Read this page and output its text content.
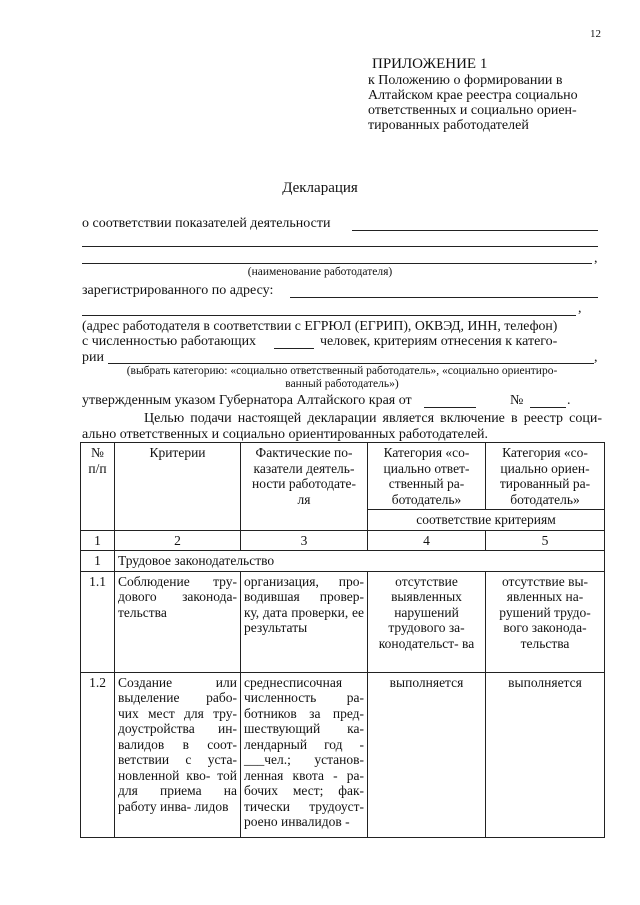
12
ПРИЛОЖЕНИЕ 1
к Положению о формировании в
Алтайском крае реестра социально
ответственных и социально ориен-
тированных работодателей
Декларация
о соответствии показателей деятельности
,
(наименование работодателя)
зарегистрированного по адресу:
,
(адрес работодателя в соответствии с ЕГРЮЛ (ЕГРИП), ОКВЭД, ИНН, телефон)
с численностью работающих	человек, критериям отнесения к катего-
рии	,
(выбрать категорию: «социально ответственный работодатель», «социально ориентиро-
ванный работодатель»)
утвержденным указом Губернатора Алтайского края от	№	.
Целью подачи настоящей декларации является включение в реестр соци-
ально ответственных и социально ориентированных работодателей.
№ п/п	Критерии	Фактические по- казатели деятель- ности работодате- ля	Категория «со- циально ответ- ственный ра- ботодатель»	Категория «со- циально ориен- тированный ра- ботодатель»
			соответствие критериям	
1	2	3	4	5
1	Трудовое законодательство			
1.1	Соблюдение тру- дового законода- тельства	организация, про- водившая провер- ку, дата проверки, ее результаты	отсутствие выявленных нарушений трудового за- конодательст- ва	отсутствие вы- явленных на- рушений трудо- вого законода- тельства
1.2	Создание или выделение рабо- чих мест для тру- доустройства ин- валидов в соот- ветствии с уста- новленной кво- той для приема на работу инва- лидов	среднесписочная численность ра- ботников за пред- шествующий ка- лендарный год - ___чел.; установ- ленная квота - ра- бочих мест; фак- тически трудоуст- роено инвалидов -	выполняется	выполняется
